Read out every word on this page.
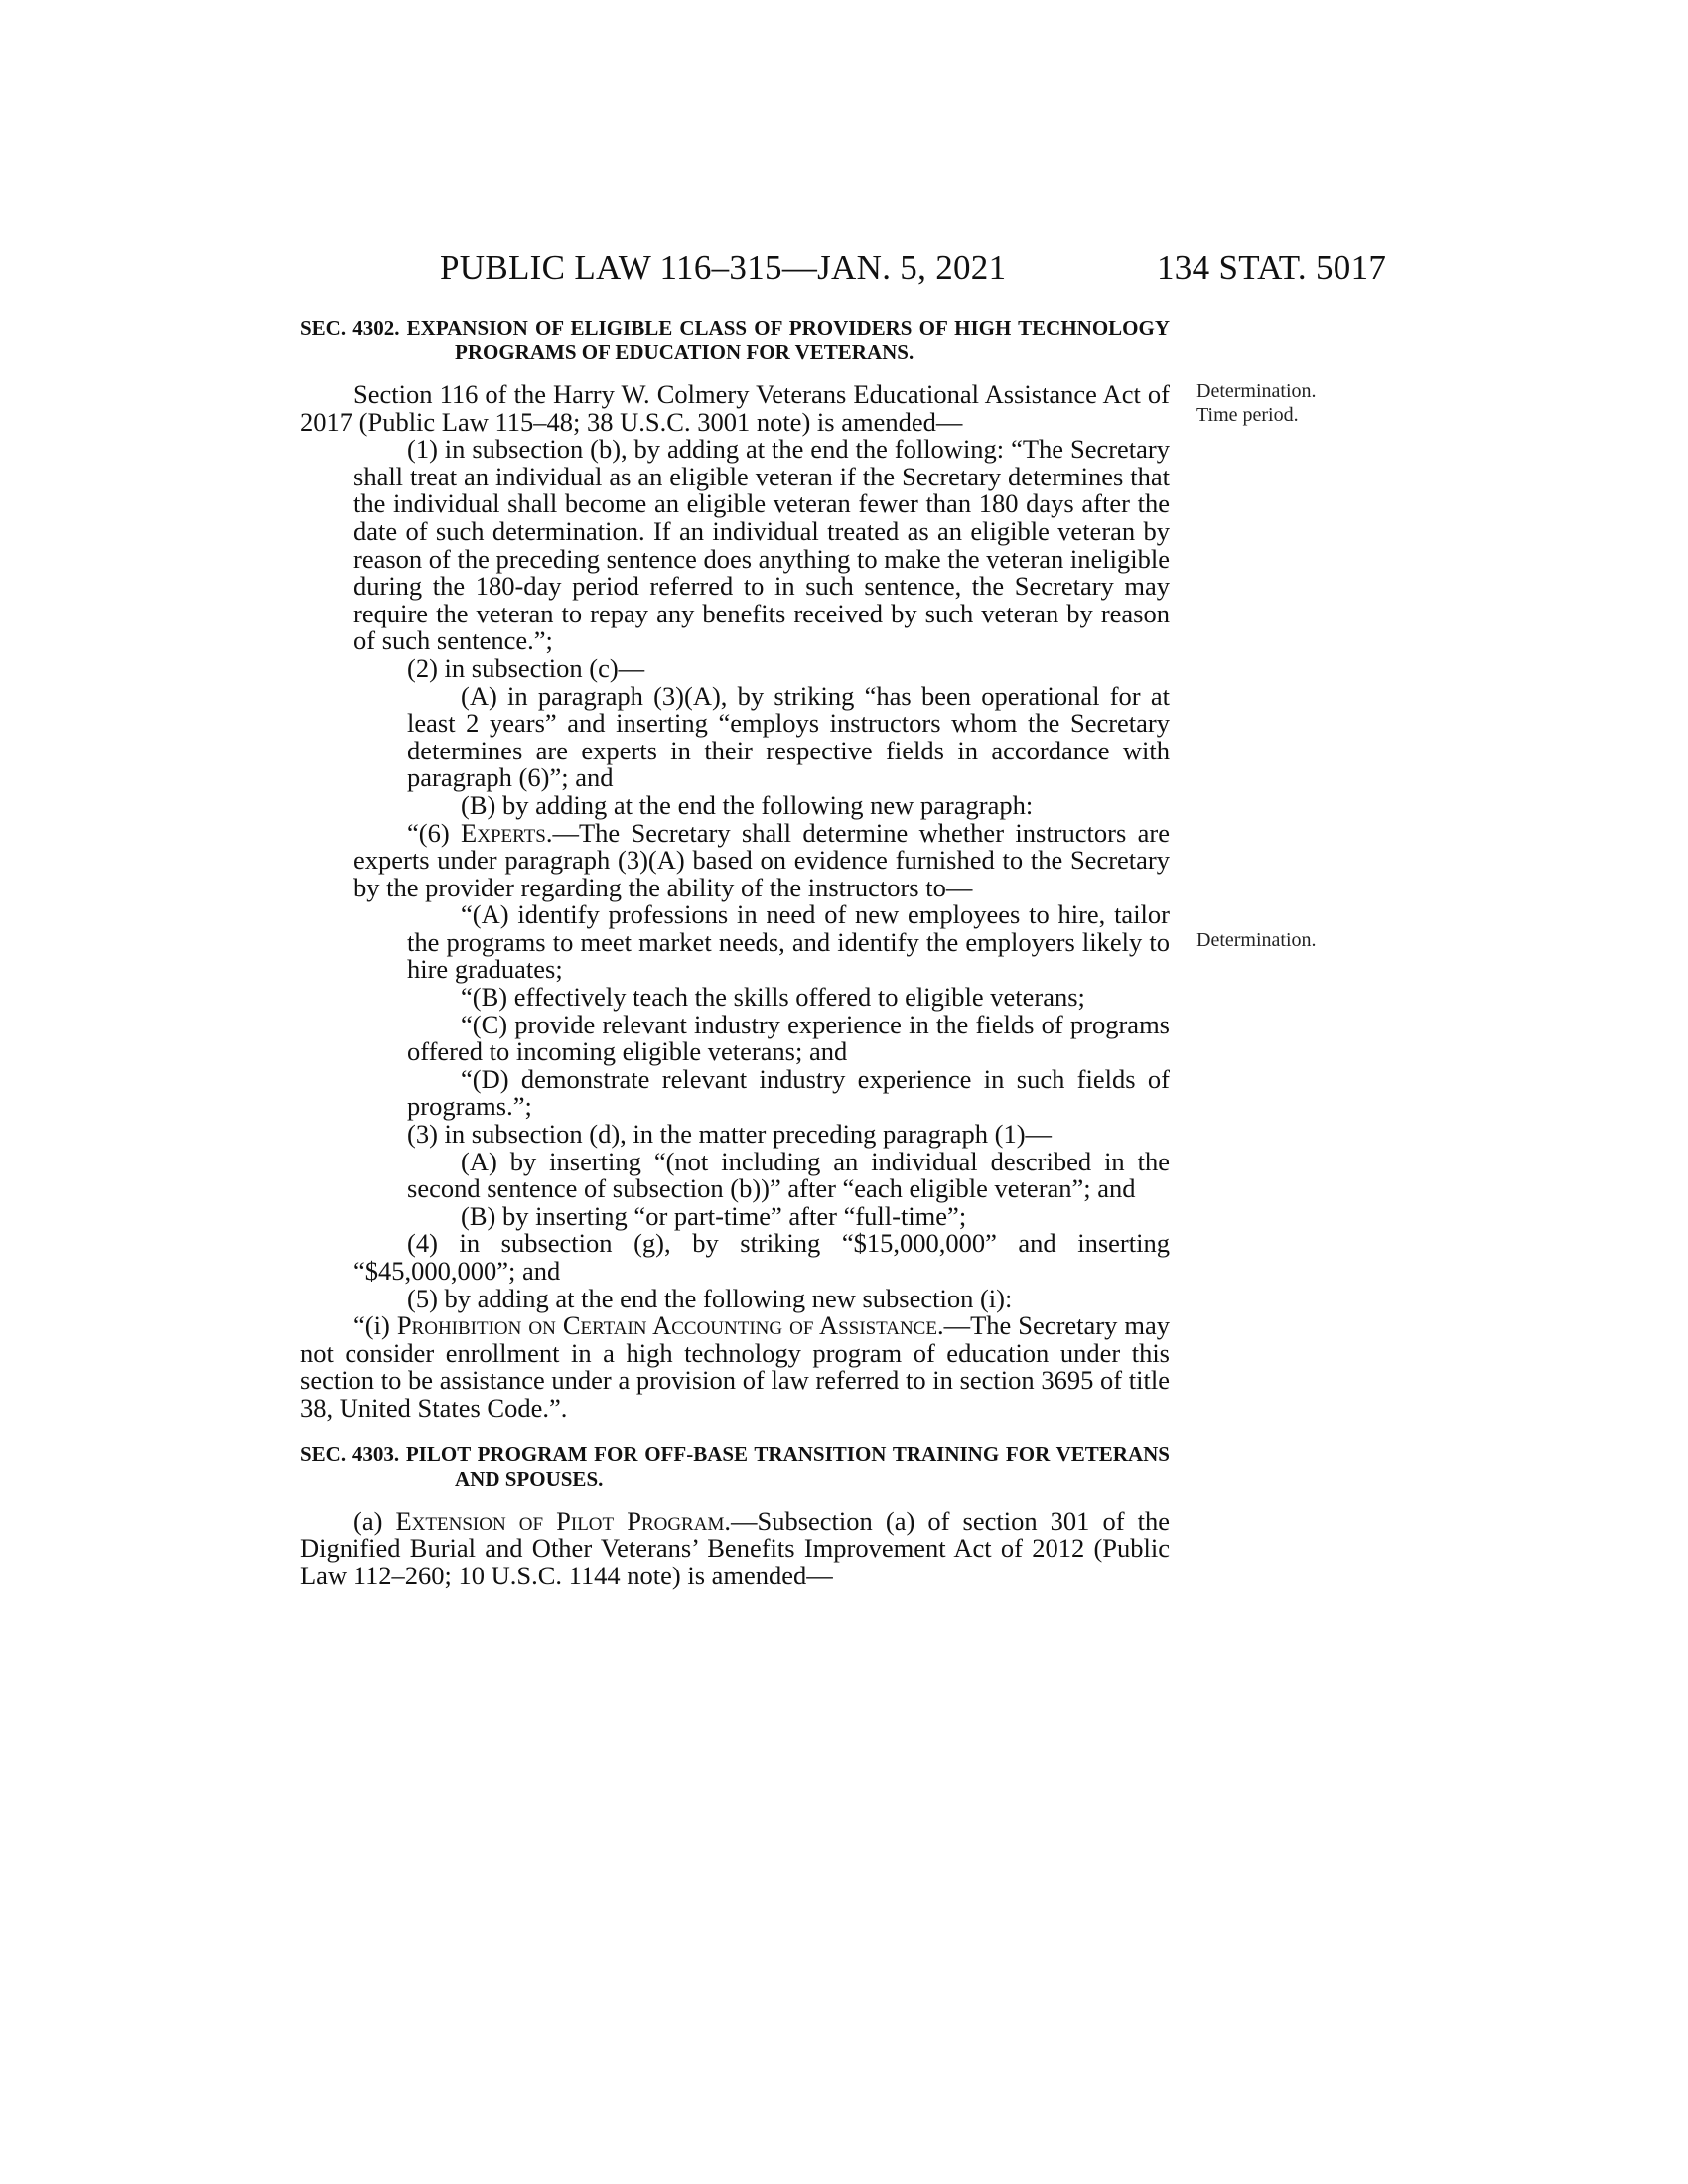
PUBLIC LAW 116–315—JAN. 5, 2021	134 STAT. 5017
Determination.
Time period.
Determination.

SEC. 4302. EXPANSION OF ELIGIBLE CLASS OF PROVIDERS OF HIGH TECHNOLOGY PROGRAMS OF EDUCATION FOR VETERANS.

Section 116 of the Harry W. Colmery Veterans Educational Assistance Act of 2017 (Public Law 115–48; 38 U.S.C. 3001 note) is amended—

(1) in subsection (b), by adding at the end the following: “The Secretary shall treat an individual as an eligible veteran if the Secretary determines that the individual shall become an eligible veteran fewer than 180 days after the date of such determination. If an individual treated as an eligible veteran by reason of the preceding sentence does anything to make the veteran ineligible during the 180-day period referred to in such sentence, the Secretary may require the veteran to repay any benefits received by such veteran by reason of such sentence.”;

(2) in subsection (c)—

(A) in paragraph (3)(A), by striking “has been operational for at least 2 years” and inserting “employs instructors whom the Secretary determines are experts in their respective fields in accordance with paragraph (6)”; and

(B) by adding at the end the following new paragraph:

“(6) Experts.—The Secretary shall determine whether instructors are experts under paragraph (3)(A) based on evidence furnished to the Secretary by the provider regarding the ability of the instructors to—

“(A) identify professions in need of new employees to hire, tailor the programs to meet market needs, and identify the employers likely to hire graduates;

“(B) effectively teach the skills offered to eligible veterans;

“(C) provide relevant industry experience in the fields of programs offered to incoming eligible veterans; and

“(D) demonstrate relevant industry experience in such fields of programs.”;

(3) in subsection (d), in the matter preceding paragraph (1)—

(A) by inserting “(not including an individual described in the second sentence of subsection (b))” after “each eligible veteran”; and

(B) by inserting “or part-time” after “full-time”;

(4) in subsection (g), by striking “$15,000,000” and inserting “$45,000,000”; and

(5) by adding at the end the following new subsection (i):

“(i) Prohibition on Certain Accounting of Assistance.—The Secretary may not consider enrollment in a high technology program of education under this section to be assistance under a provision of law referred to in section 3695 of title 38, United States Code.”.

SEC. 4303. PILOT PROGRAM FOR OFF-BASE TRANSITION TRAINING FOR VETERANS AND SPOUSES.

(a) Extension of Pilot Program.—Subsection (a) of section 301 of the Dignified Burial and Other Veterans’ Benefits Improvement Act of 2012 (Public Law 112–260; 10 U.S.C. 1144 note) is amended—
